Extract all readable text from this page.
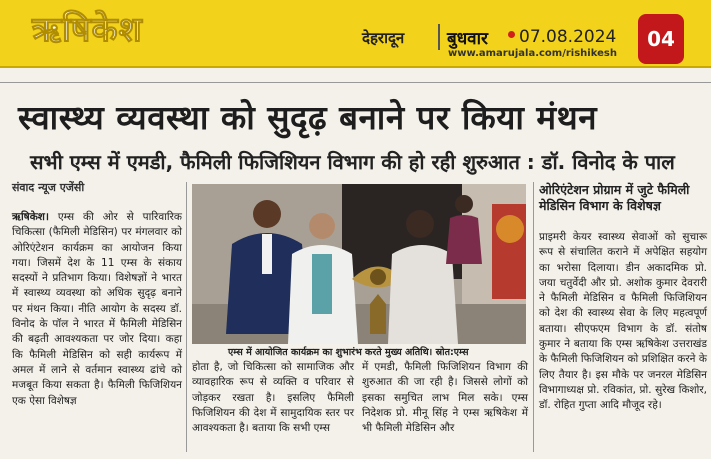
ऋषिकेश	देहरादून	बुधवार 07.08.2024
www.amarujala.com/rishikesh
04
स्वास्थ्य व्यवस्था को सुदृढ़ बनाने पर किया मंथन
सभी एम्स में एमडी, फैमिली फिजिशियन विभाग की हो रही शुरुआत : डॉ. विनोद के पाल
संवाद न्यूज एजेंसी
ऋषिकेश। एम्स की ओर से पारिवारिक चिकित्सा (फैमिली मेडिसिन) पर मंगलवार को ओरिएंटेशन कार्यक्रम का आयोजन किया गया। जिसमें देश के 11 एम्स के संकाय सदस्यों ने प्रतिभाग किया। विशेषज्ञों ने भारत में स्वास्थ्य व्यवस्था को अधिक सुदृढ़ बनाने पर मंथन किया। नीति आयोग के सदस्य डॉ. विनोद के पॉल ने भारत में फैमिली मेडिसिन की बढ़ती आवश्यकता पर जोर दिया। कहा कि फैमिली मेडिसिन को सही कार्यरूप में अमल में लाने से वर्तमान स्वास्थ्य ढांचे को मजबूत किया सकता है। फैमिली फिजिशियन एक ऐसा विशेषज्ञ
एम्स में आयोजित कार्यक्रम का शुभारंभ करते मुख्य अतिथि। स्रोत:एम्स
होता है, जो चिकित्सा को सामाजिक और व्यावहारिक रूप से व्यक्ति व परिवार से जोड़कर रखता है। इसलिए फैमिली फिजिशियन की देश में सामुदायिक स्तर पर आवश्यकता है। बताया कि सभी एम्स
में एमडी, फैमिली फिजिशियन विभाग की शुरुआत की जा रही है। जिससे लोगों को इसका समुचित लाभ मिल सके। एम्स निदेशक प्रो. मीनू सिंह ने एम्स ऋषिकेश में भी फैमिली मेडिसिन और
ओरिएंटेशन प्रोग्राम में जुटे फैमिली मेडिसिन विभाग के विशेषज्ञ
प्राइमरी केयर स्वास्थ्य सेवाओं को सुचारू रूप से संचालित कराने में अपेक्षित सहयोग का भरोसा दिलाया। डीन अकादमिक प्रो. जया चतुर्वेदी और प्रो. अशोक कुमार देवरारी ने फैमिली मेडिसिन व फैमिली फिजिशियन को देश की स्वास्थ्य सेवा के लिए महत्वपूर्ण बताया। सीएफएम विभाग के डॉ. संतोष कुमार ने बताया कि एम्स ऋषिकेश उत्तराखंड के फैमिली फिजिशियन को प्रशिक्षित करने के लिए तैयार है। इस मौके पर जनरल मेडिसिन विभागाध्यक्ष प्रो. रविकांत, प्रो. सुरेख किशोर, डॉ. रोहित गुप्ता आदि मौजूद रहे।
